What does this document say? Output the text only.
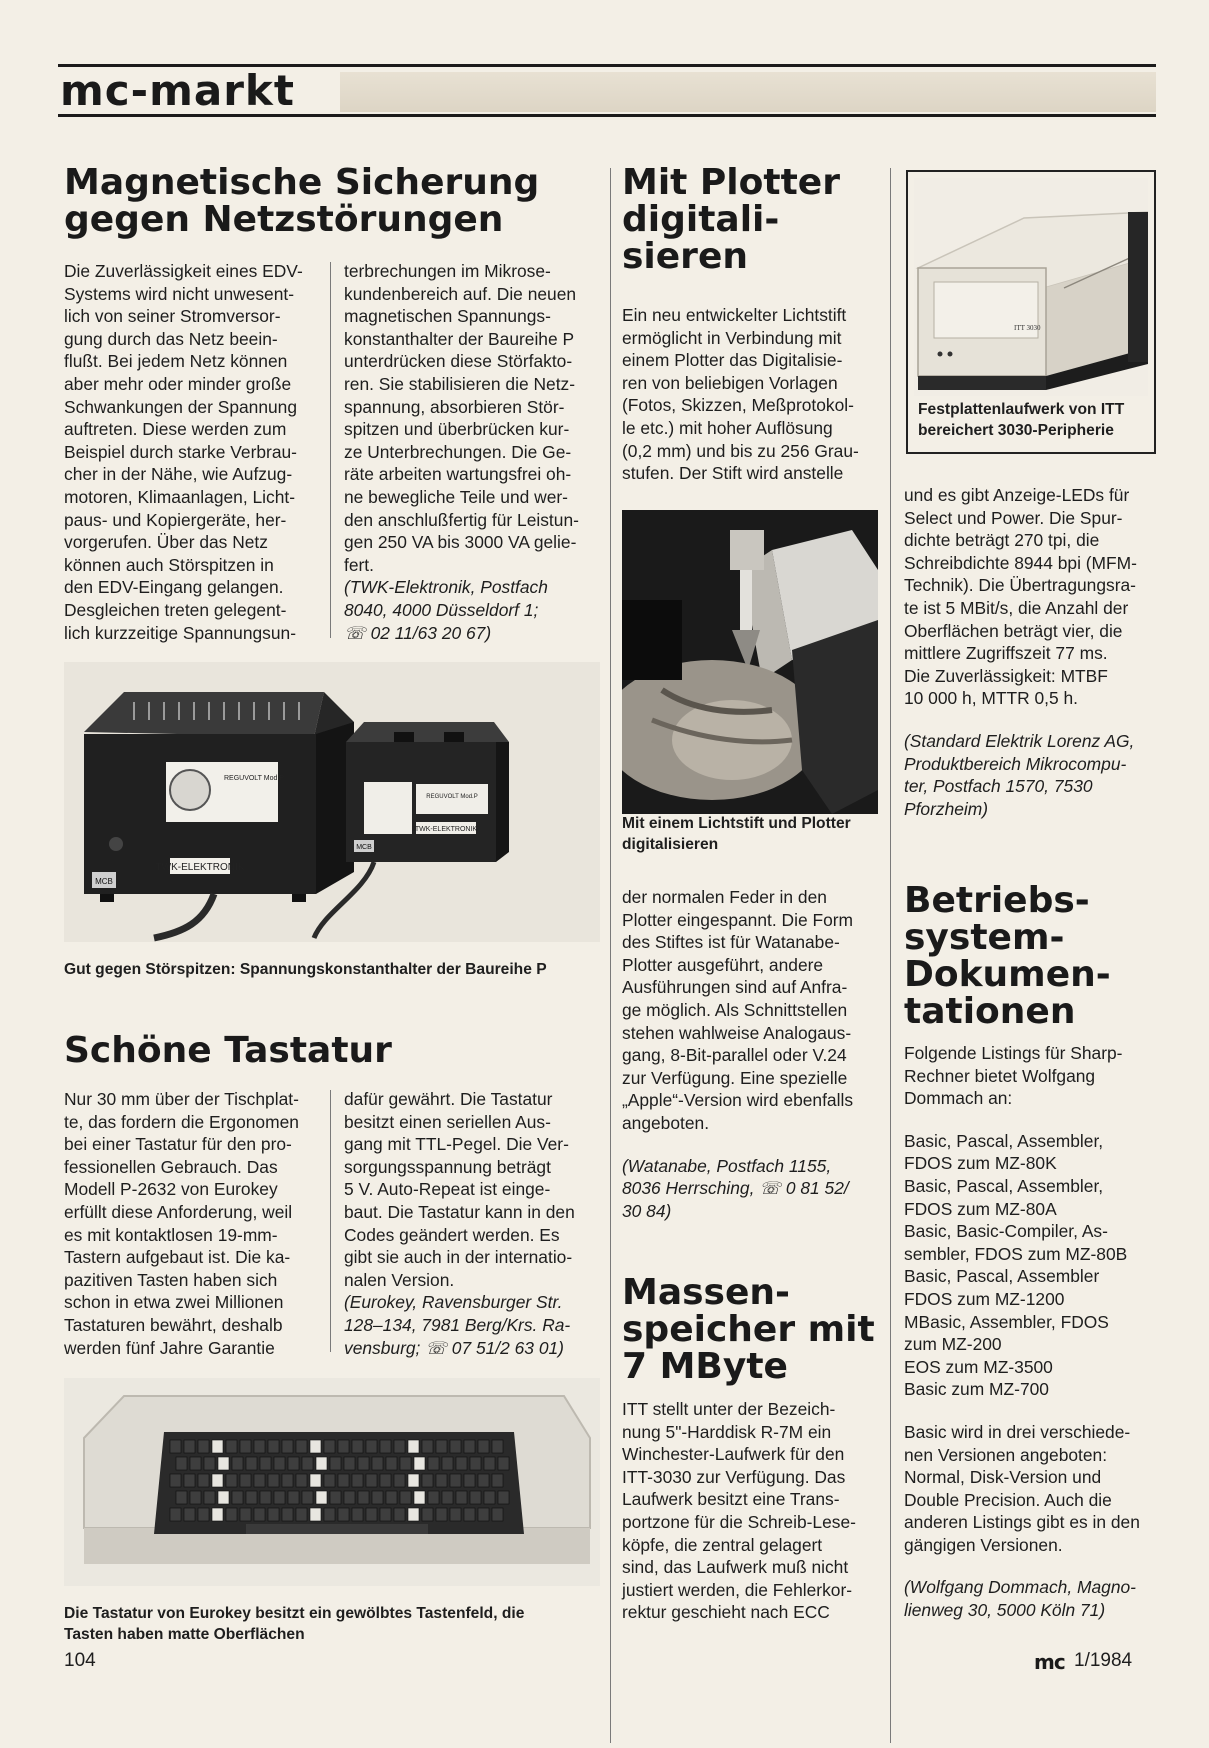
mc-markt

Magnetische Sicherung

gegen Netzstörungen

Die Zuverlässigkeit eines EDV-
Systems wird nicht unwesent-
lich von seiner Stromversor-
gung durch das Netz beein-
flußt. Bei jedem Netz können
aber mehr oder minder große
Schwankungen der Spannung
auftreten. Diese werden zum
Beispiel durch starke Verbrau-
cher in der Nähe, wie Aufzug-
motoren, Klimaanlagen, Licht-
paus- und Kopiergeräte, her-
vorgerufen. Über das Netz
können auch Störspitzen in
den EDV-Eingang gelangen.
Desgleichen treten gelegent-
lich kurzzeitige Spannungsun-
terbrechungen im Mikrose-
kundenbereich auf. Die neuen
magnetischen Spannungs-
konstanthalter der Baureihe P
unterdrücken diese Störfakto-
ren. Sie stabilisieren die Netz-
spannung, absorbieren Stör-
spitzen und überbrücken kur-
ze Unterbrechungen. Die Ge-
räte arbeiten wartungsfrei oh-
ne bewegliche Teile und wer-
den anschlußfertig für Leistun-
gen 250 VA bis 3000 VA gelie-
fert.
(TWK-Elektronik, Postfach
8040, 4000 Düsseldorf 1;
☏ 02 11/63 20 67)
TWK-ELEKTRONIK
REGUVOLT Mod.P
MCB
REGUVOLT Mod.P
TWK-ELEKTRONIK
MCB
Gut gegen Störspitzen: Spannungskonstanthalter der Baureihe P

Schöne Tastatur

Nur 30 mm über der Tischplat-
te, das fordern die Ergonomen
bei einer Tastatur für den pro-
fessionellen Gebrauch. Das
Modell P-2632 von Eurokey
erfüllt diese Anforderung, weil
es mit kontaktlosen 19-mm-
Tastern aufgebaut ist. Die ka-
pazitiven Tasten haben sich
schon in etwa zwei Millionen
Tastaturen bewährt, deshalb
werden fünf Jahre Garantie
dafür gewährt. Die Tastatur
besitzt einen seriellen Aus-
gang mit TTL-Pegel. Die Ver-
sorgungsspannung beträgt
5 V. Auto-Repeat ist einge-
baut. Die Tastatur kann in den
Codes geändert werden. Es
gibt sie auch in der internatio-
nalen Version.
(Eurokey, Ravensburger Str.
128–134, 7981 Berg/Krs. Ra-
vensburg; ☏ 07 51/2 63 01)
Die Tastatur von Eurokey besitzt ein gewölbtes Tastenfeld, die
Tasten haben matte Oberflächen

Mit Plotter

digitali-

sieren

Ein neu entwickelter Lichtstift
ermöglicht in Verbindung mit
einem Plotter das Digitalisie-
ren von beliebigen Vorlagen
(Fotos, Skizzen, Meßprotokol-
le etc.) mit hoher Auflösung
(0,2 mm) und bis zu 256 Grau-
stufen. Der Stift wird anstelle
Mit einem Lichtstift und Plotter
digitalisieren
der normalen Feder in den
Plotter eingespannt. Die Form
des Stiftes ist für Watanabe-
Plotter ausgeführt, andere
Ausführungen sind auf Anfra-
ge möglich. Als Schnittstellen
stehen wahlweise Analogaus-
gang, 8-Bit-parallel oder V.24
zur Verfügung. Eine spezielle
„Apple“-Version wird ebenfalls
angeboten.
(Watanabe, Postfach 1155,
8036 Herrsching, ☏ 0 81 52/
30 84)

Massen-

speicher mit

7 MByte

ITT stellt unter der Bezeich-
nung 5"-Harddisk R-7M ein
Winchester-Laufwerk für den
ITT-3030 zur Verfügung. Das
Laufwerk besitzt eine Trans-
portzone für die Schreib-Lese-
köpfe, die zentral gelagert
sind, das Laufwerk muß nicht
justiert werden, die Fehlerkor-
rektur geschieht nach ECC
ITT 3030
Festplattenlaufwerk von ITT
bereichert 3030-Peripherie
und es gibt Anzeige-LEDs für
Select und Power. Die Spur-
dichte beträgt 270 tpi, die
Schreibdichte 8944 bpi (MFM-
Technik). Die Übertragungsra-
te ist 5 MBit/s, die Anzahl der
Oberflächen beträgt vier, die
mittlere Zugriffszeit 77 ms.
Die Zuverlässigkeit: MTBF
10 000 h, MTTR 0,5 h.
(Standard Elektrik Lorenz AG,
Produktbereich Mikrocompu-
ter, Postfach 1570, 7530
Pforzheim)

Betriebs-

system-

Dokumen-

tationen

Folgende Listings für Sharp-
Rechner bietet Wolfgang
Dommach an:
Basic, Pascal, Assembler,
FDOS zum MZ-80K
Basic, Pascal, Assembler,
FDOS zum MZ-80A
Basic, Basic-Compiler, As-
sembler, FDOS zum MZ-80B
Basic, Pascal, Assembler
FDOS zum MZ-1200
MBasic, Assembler, FDOS
zum MZ-200
EOS zum MZ-3500
Basic zum MZ-700
Basic wird in drei verschiede-
nen Versionen angeboten:
Normal, Disk-Version und
Double Precision. Auch die
anderen Listings gibt es in den
gängigen Versionen.
(Wolfgang Dommach, Magno-
lienweg 30, 5000 Köln 71)
104	mc 1/1984
